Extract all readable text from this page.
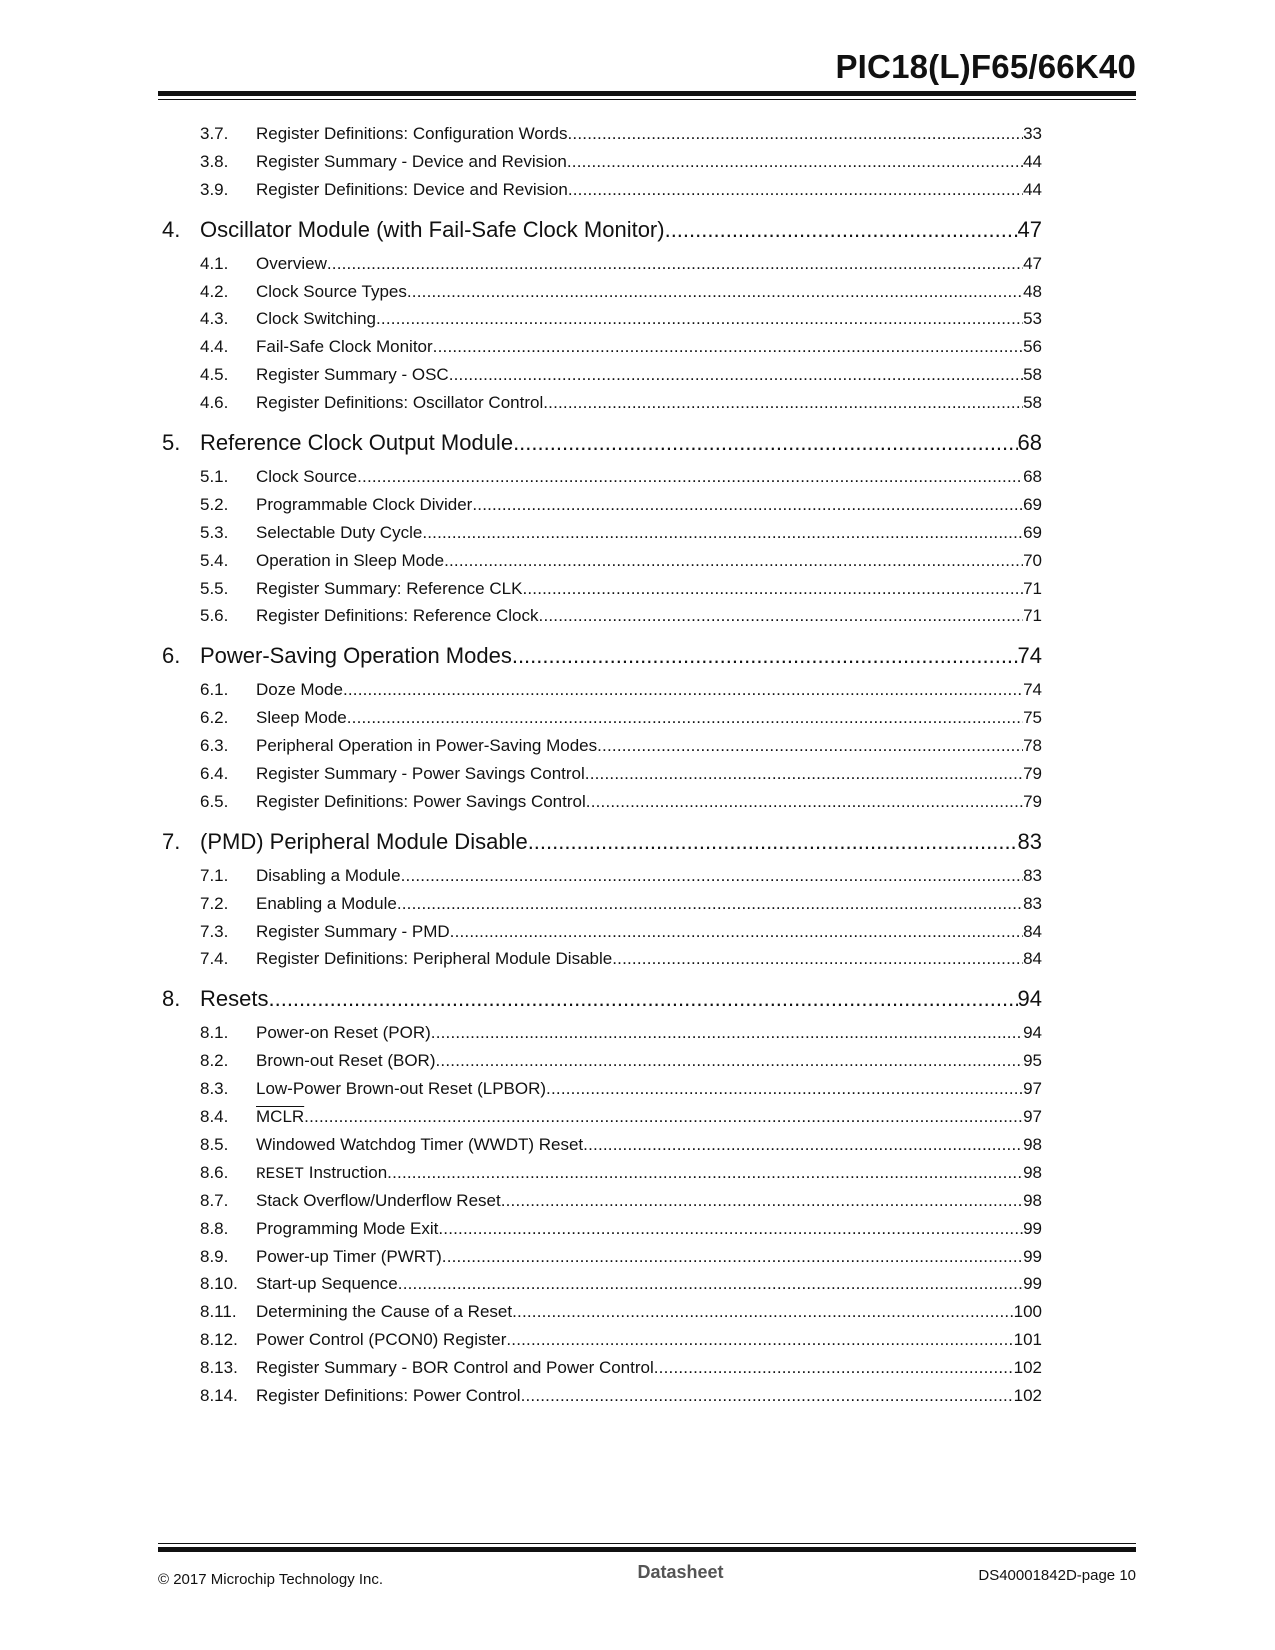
PIC18(L)F65/66K40
3.7.	Register Definitions: Configuration Words .....	33
3.8.	Register Summary - Device and Revision .....	44
3.9.	Register Definitions: Device and Revision .....	44
4. Oscillator Module (with Fail-Safe Clock Monitor) .....	47
4.1.	Overview .....	47
4.2.	Clock Source Types .....	48
4.3.	Clock Switching .....	53
4.4.	Fail-Safe Clock Monitor .....	56
4.5.	Register Summary - OSC .....	58
4.6.	Register Definitions: Oscillator Control .....	58
5. Reference Clock Output Module .....	68
5.1.	Clock Source .....	68
5.2.	Programmable Clock Divider .....	69
5.3.	Selectable Duty Cycle .....	69
5.4.	Operation in Sleep Mode .....	70
5.5.	Register Summary: Reference CLK .....	71
5.6.	Register Definitions: Reference Clock .....	71
6. Power-Saving Operation Modes .....	74
6.1.	Doze Mode .....	74
6.2.	Sleep Mode .....	75
6.3.	Peripheral Operation in Power-Saving Modes .....	78
6.4.	Register Summary - Power Savings Control .....	79
6.5.	Register Definitions: Power Savings Control .....	79
7. (PMD) Peripheral Module Disable .....	83
7.1.	Disabling a Module .....	83
7.2.	Enabling a Module .....	83
7.3.	Register Summary - PMD .....	84
7.4.	Register Definitions: Peripheral Module Disable .....	84
8. Resets .....	94
8.1.	Power-on Reset (POR) .....	94
8.2.	Brown-out Reset (BOR) .....	95
8.3.	Low-Power Brown-out Reset (LPBOR) .....	97
8.4.	MCLR .....	97
8.5.	Windowed Watchdog Timer (WWDT) Reset .....	98
8.6.	RESET Instruction .....	98
8.7.	Stack Overflow/Underflow Reset .....	98
8.8.	Programming Mode Exit .....	99
8.9.	Power-up Timer (PWRT) .....	99
8.10.	Start-up Sequence .....	99
8.11.	Determining the Cause of a Reset .....	100
8.12.	Power Control (PCON0) Register .....	101
8.13.	Register Summary - BOR Control and Power Control .....	102
8.14.	Register Definitions: Power Control .....	102
© 2017 Microchip Technology Inc.	Datasheet	DS40001842D-page 10
